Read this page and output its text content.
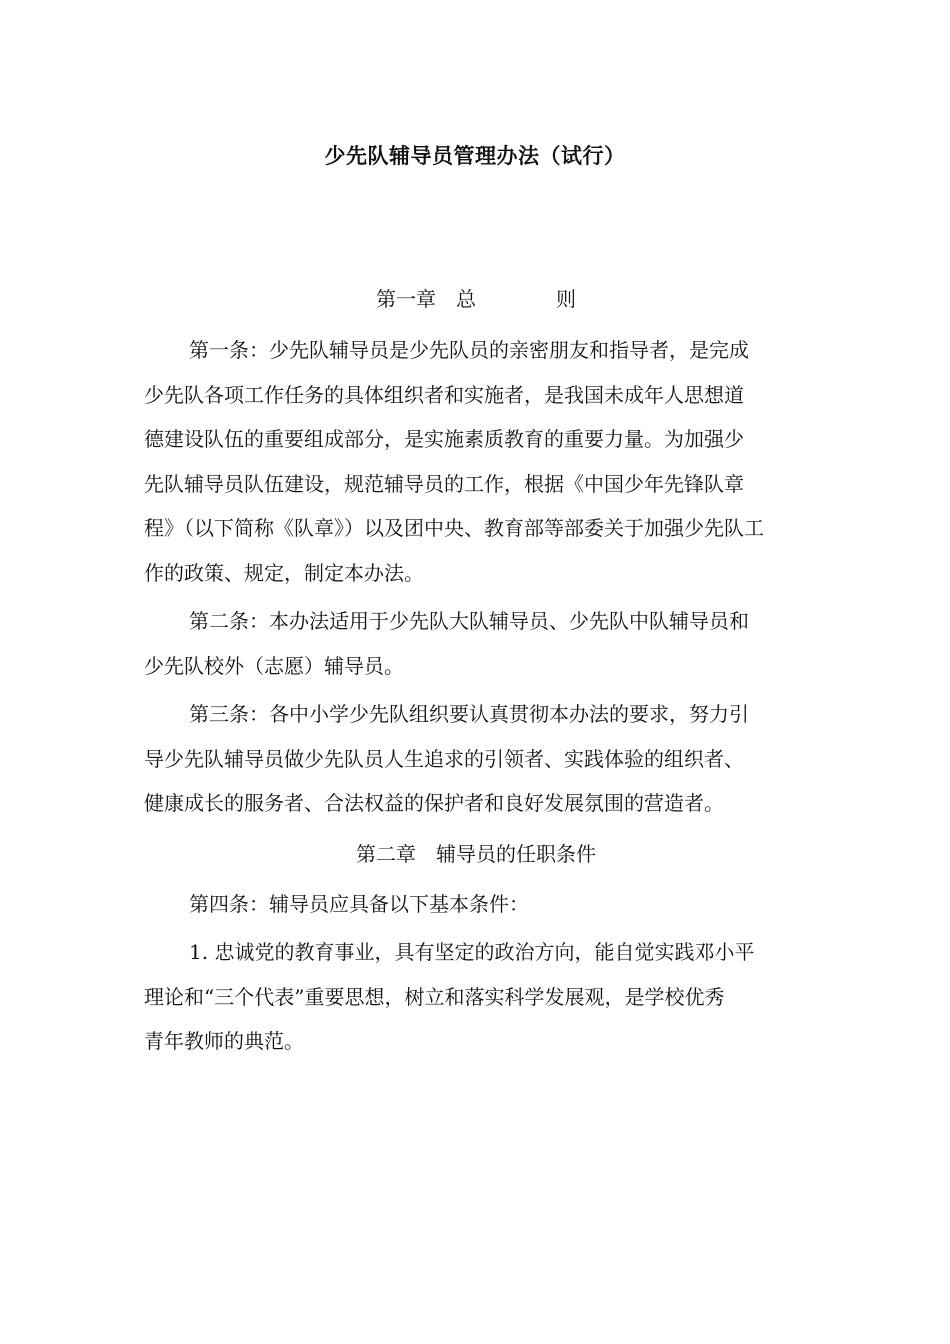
少先队辅导员管理办法（试行）
第一章　总　　　　则

第一条：少先队辅导员是少先队员的亲密朋友和指导者，是完成
少先队各项工作任务的具体组织者和实施者，是我国未成年人思想道
德建设队伍的重要组成部分，是实施素质教育的重要力量。为加强少
先队辅导员队伍建设，规范辅导员的工作，根据《中国少年先锋队章
程》（以下简称《队章》）以及团中央、教育部等部委关于加强少先队工
作的政策、规定，制定本办法。

第二条：本办法适用于少先队大队辅导员、少先队中队辅导员和
少先队校外（志愿）辅导员。

第三条：各中小学少先队组织要认真贯彻本办法的要求，努力引
导少先队辅导员做少先队员人生追求的引领者、实践体验的组织者、
健康成长的服务者、合法权益的保护者和良好发展氛围的营造者。

第二章　辅导员的任职条件

第四条：辅导员应具备以下基本条件：

1. 忠诚党的教育事业，具有坚定的政治方向，能自觉实践邓小平
理论和“三个代表”重要思想，树立和落实科学发展观，是学校优秀
青年教师的典范。
